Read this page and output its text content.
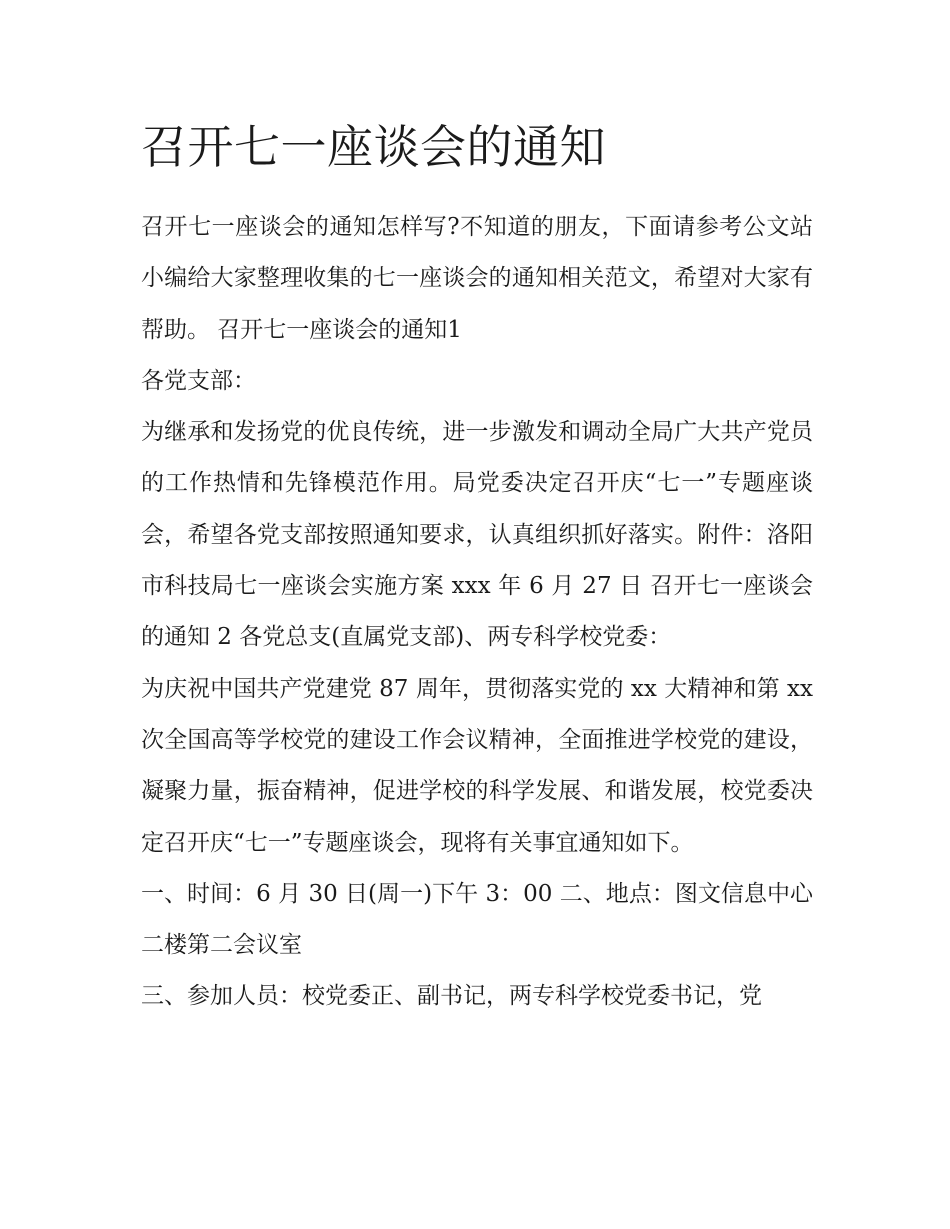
召开七一座谈会的通知

召开七一座谈会的通知怎样写?不知道的朋友，下面请参考公文站小编给大家整理收集的七一座谈会的通知相关范文，希望对大家有帮助。 召开七一座谈会的通知1

各党支部：

为继承和发扬党的优良传统，进一步激发和调动全局广大共产党员的工作热情和先锋模范作用。局党委决定召开庆“七一”专题座谈会，希望各党支部按照通知要求，认真组织抓好落实。附件：洛阳市科技局七一座谈会实施方案 xxx 年 6 月 27 日 召开七一座谈会的通知 2 各党总支(直属党支部)、两专科学校党委：

为庆祝中国共产党建党 87 周年，贯彻落实党的 xx 大精神和第 xx 次全国高等学校党的建设工作会议精神，全面推进学校党的建设，凝聚力量，振奋精神，促进学校的科学发展、和谐发展，校党委决定召开庆“七一”专题座谈会，现将有关事宜通知如下。

一、时间：6 月 30 日(周一)下午 3：00 二、地点：图文信息中心二楼第二会议室

三、参加人员：校党委正、副书记，两专科学校党委书记，党
